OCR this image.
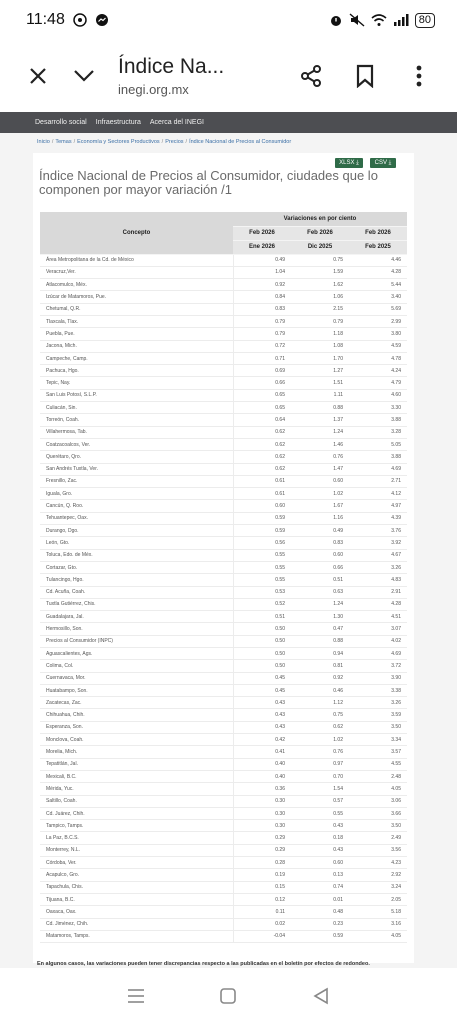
11:48	80
Índice Na...
inegi.org.mx
Desarrollo social Infraestructura Acerca del INEGI
Inicio / Temas / Economía y Sectores Productivos / Precios / Índice Nacional de Precios al Consumidor
XLSX
⤓	CSV
⤓
Índice Nacional de Precios al Consumidor, ciudades que lo componen por mayor variación /1
Concepto	Variaciones en por ciento		
	Feb 2026	Feb 2026	Feb 2026
	Ene 2026	Dic 2025	Feb 2025
Área Metropolitana de la Cd. de México	0.49	0.75	4.46
Veracruz,Ver.	1.04	1.59	4.28
Atlacomulco, Méx.	0.92	1.62	5.44
Izúcar de Matamoros, Pue.	0.84	1.06	3.40
Chetumal, Q.R.	0.83	2.15	5.69
Tlaxcala, Tlax.	0.79	0.79	2.99
Puebla, Pue.	0.79	1.18	3.80
Jacona, Mich.	0.72	1.08	4.59
Campeche, Camp.	0.71	1.70	4.78
Pachuca, Hgo.	0.69	1.27	4.24
Tepic, Nay.	0.66	1.51	4.79
San Luis Potosí, S.L.P.	0.65	1.11	4.60
Culiacán, Sin.	0.65	0.88	3.30
Torreón, Coah.	0.64	1.37	3.88
Villahermosa, Tab.	0.62	1.24	3.28
Coatzacoalcos, Ver.	0.62	1.46	5.05
Querétaro, Qro.	0.62	0.76	3.88
San Andrés Tuxtla, Ver.	0.62	1.47	4.69
Fresnillo, Zac.	0.61	0.60	2.71
Iguala, Gro.	0.61	1.02	4.12
Cancún, Q. Roo.	0.60	1.67	4.97
Tehuantepec, Oax.	0.59	1.16	4.39
Durango, Dgo.	0.59	0.49	3.76
León, Gto.	0.56	0.83	3.92
Toluca, Edo. de Méx.	0.55	0.60	4.67
Cortazar, Gto.	0.55	0.66	3.26
Tulancingo, Hgo.	0.55	0.51	4.83
Cd. Acuña, Coah.	0.53	0.63	2.91
Tuxtla Gutiérrez, Chis.	0.52	1.24	4.28
Guadalajara, Jal.	0.51	1.30	4.51
Hermosillo, Son.	0.50	0.47	3.07
Precios al Consumidor (INPC)	0.50	0.88	4.02
Aguascalientes, Ags.	0.50	0.94	4.69
Colima, Col.	0.50	0.81	3.72
Cuernavaca, Mor.	0.45	0.92	3.90
Huatabampo, Son.	0.45	0.46	3.38
Zacatecas, Zac.	0.43	1.12	3.26
Chihuahua, Chih.	0.43	0.75	3.59
Esperanza, Son.	0.43	0.62	3.50
Monclova, Coah.	0.42	1.02	3.34
Morelia, Mich.	0.41	0.76	3.57
Tepatitlán, Jal.	0.40	0.97	4.55
Mexicali, B.C.	0.40	0.70	2.48
Mérida, Yuc.	0.36	1.54	4.05
Saltillo, Coah.	0.30	0.57	3.06
Cd. Juárez, Chih.	0.30	0.55	3.66
Tampico, Tamps.	0.30	0.43	3.50
La Paz, B.C.S.	0.29	0.18	2.49
Monterrey, N.L.	0.29	0.43	3.56
Córdoba, Ver.	0.28	0.60	4.23
Acapulco, Gro.	0.19	0.13	2.92
Tapachula, Chis.	0.15	0.74	3.24
Tijuana, B.C.	0.12	0.01	2.05
Oaxaca, Oax.	0.11	0.48	5.18
Cd. Jiménez, Chih.	0.02	0.23	3.16
Matamoros, Tamps.	-0.04	0.59	4.05
En algunos casos, las variaciones pueden tener discrepancias respecto a las publicadas en el boletín por efectos de redondeo.
